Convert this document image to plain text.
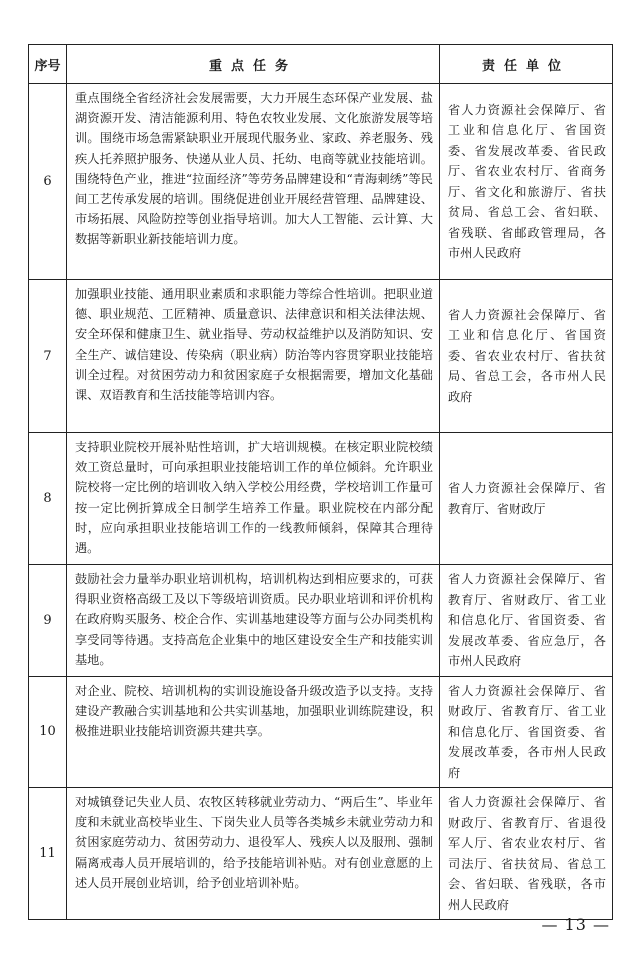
序号	重点任务	责任单位
6	重点围绕全省经济社会发展需要，大力开展生态环保产业发展、盐湖资源开发、清洁能源利用、特色农牧业发展、文化旅游发展等培训。围绕市场急需紧缺职业开展现代服务业、家政、养老服务、残疾人托养照护服务、快递从业人员、托幼、电商等就业技能培训。围绕特色产业，推进“拉面经济”等劳务品牌建设和“青海刺绣”等民间工艺传承发展的培训。围绕促进创业开展经营管理、品牌建设、市场拓展、风险防控等创业指导培训。加大人工智能、云计算、大数据等新职业新技能培训力度。	省人力资源社会保障厅、省工业和信息化厅、省国资委、省发展改革委、省民政厅、省农业农村厅、省商务厅、省文化和旅游厅、省扶贫局、省总工会、省妇联、省残联、省邮政管理局，各市州人民政府
7	加强职业技能、通用职业素质和求职能力等综合性培训。把职业道德、职业规范、工匠精神、质量意识、法律意识和相关法律法规、安全环保和健康卫生、就业指导、劳动权益维护以及消防知识、安全生产、诚信建设、传染病（职业病）防治等内容贯穿职业技能培训全过程。对贫困劳动力和贫困家庭子女根据需要，增加文化基础课、双语教育和生活技能等培训内容。	省人力资源社会保障厅、省工业和信息化厅、省国资委、省农业农村厅、省扶贫局、省总工会，各市州人民政府
8	支持职业院校开展补贴性培训，扩大培训规模。在核定职业院校绩效工资总量时，可向承担职业技能培训工作的单位倾斜。允许职业院校将一定比例的培训收入纳入学校公用经费，学校培训工作量可按一定比例折算成全日制学生培养工作量。职业院校在内部分配时，应向承担职业技能培训工作的一线教师倾斜，保障其合理待遇。	省人力资源社会保障厅、省教育厅、省财政厅
9	鼓励社会力量举办职业培训机构，培训机构达到相应要求的，可获得职业资格高级工及以下等级培训资质。民办职业培训和评价机构在政府购买服务、校企合作、实训基地建设等方面与公办同类机构享受同等待遇。支持高危企业集中的地区建设安全生产和技能实训基地。	省人力资源社会保障厅、省教育厅、省财政厅、省工业和信息化厅、省国资委、省发展改革委、省应急厅，各市州人民政府
10	对企业、院校、培训机构的实训设施设备升级改造予以支持。支持建设产教融合实训基地和公共实训基地，加强职业训练院建设，积极推进职业技能培训资源共建共享。	省人力资源社会保障厅、省财政厅、省教育厅、省工业和信息化厅、省国资委、省发展改革委，各市州人民政府
11	对城镇登记失业人员、农牧区转移就业劳动力、“两后生”、毕业年度和未就业高校毕业生、下岗失业人员等各类城乡未就业劳动力和贫困家庭劳动力、贫困劳动力、退役军人、残疾人以及服刑、强制隔离戒毒人员开展培训的，给予技能培训补贴。对有创业意愿的上述人员开展创业培训，给予创业培训补贴。	省人力资源社会保障厅、省财政厅、省教育厅、省退役军人厅、省农业农村厅、省司法厅、省扶贫局、省总工会、省妇联、省残联，各市州人民政府
— 13 —
